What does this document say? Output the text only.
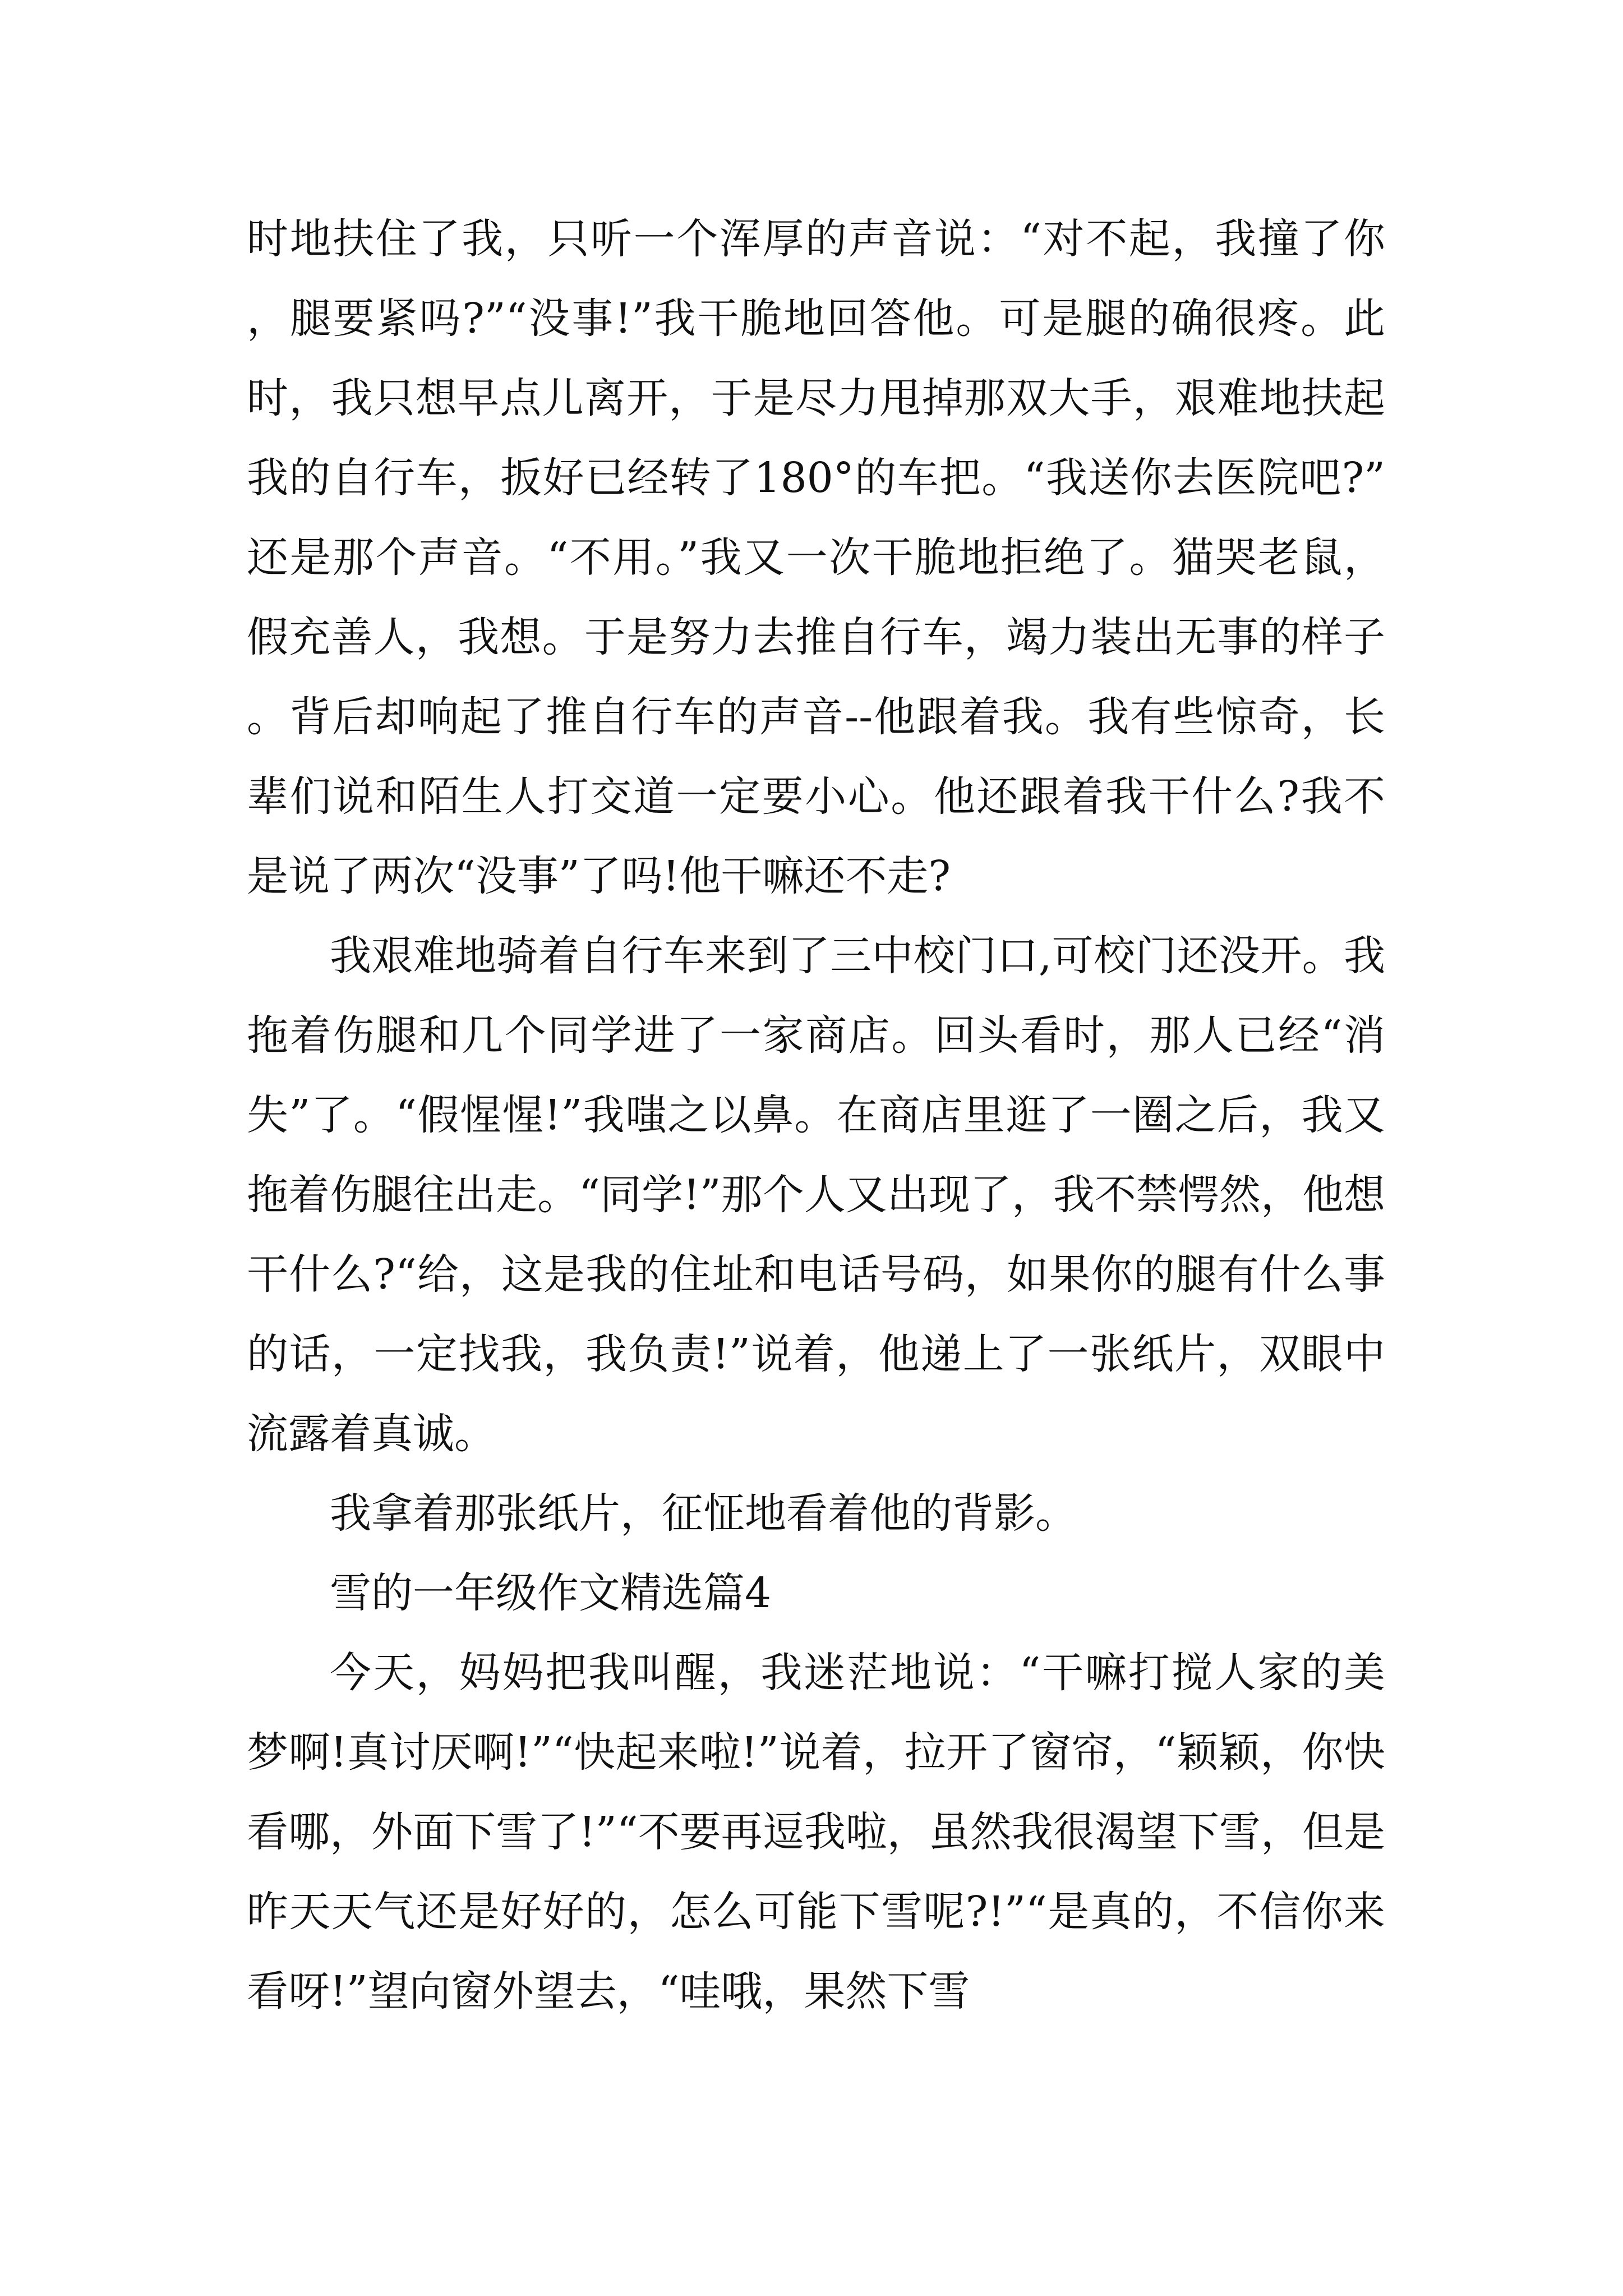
时地扶住了我，只听一个浑厚的声音说：“对不起，我撞了你，腿要紧吗?”“没事!”我干脆地回答他。可是腿的确很疼。此时，我只想早点儿离开，于是尽力甩掉那双大手，艰难地扶起我的自行车，扳好已经转了180°的车把。“我送你去医院吧?”还是那个声音。“不用。”我又一次干脆地拒绝了。猫哭老鼠，假充善人，我想。于是努力去推自行车，竭力装出无事的样子。背后却响起了推自行车的声音--他跟着我。我有些惊奇，长辈们说和陌生人打交道一定要小心。他还跟着我干什么?我不是说了两次“没事”了吗!他干嘛还不走?

我艰难地骑着自行车来到了三中校门口,可校门还没开。我拖着伤腿和几个同学进了一家商店。回头看时，那人已经“消失”了。“假惺惺!”我嗤之以鼻。在商店里逛了一圈之后，我又拖着伤腿往出走。“同学!”那个人又出现了，我不禁愕然，他想干什么?“给，这是我的住址和电话号码，如果你的腿有什么事的话，一定找我，我负责!”说着，他递上了一张纸片，双眼中流露着真诚。

我拿着那张纸片，征怔地看着他的背影。

雪的一年级作文精选篇4

今天，妈妈把我叫醒，我迷茫地说：“干嘛打搅人家的美梦啊!真讨厌啊!”“快起来啦!”说着，拉开了窗帘，“颖颖，你快看哪，外面下雪了!”“不要再逗我啦，虽然我很渴望下雪，但是昨天天气还是好好的，怎么可能下雪呢?!”“是真的，不信你来看呀!”望向窗外望去，“哇哦，果然下雪
